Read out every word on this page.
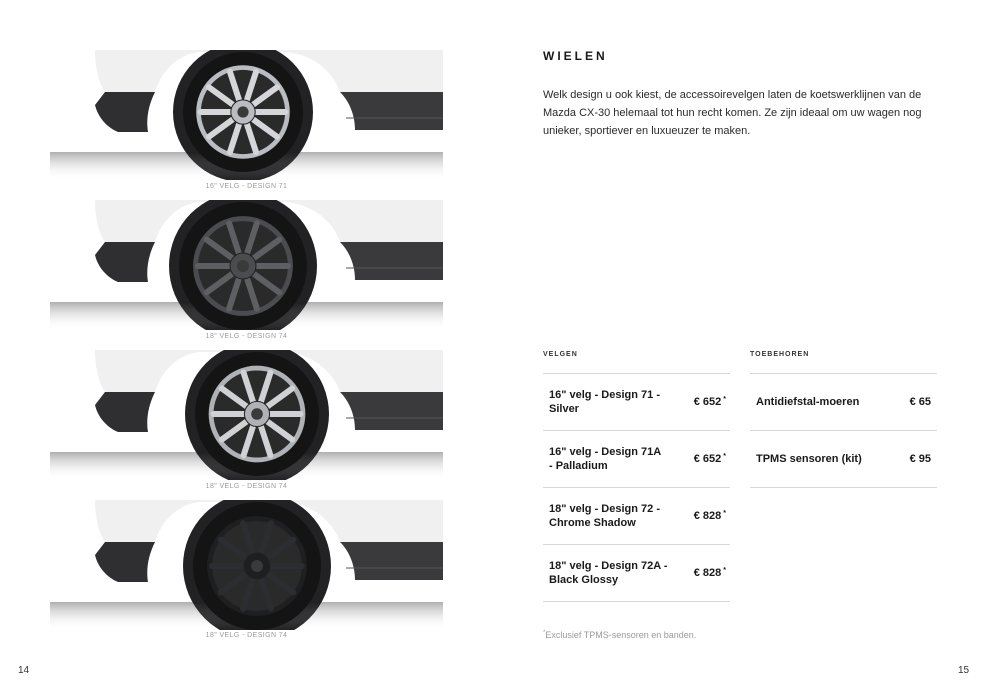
16" VELG - DESIGN 71
18" VELG - DESIGN 74
18" VELG - DESIGN 74
18" VELG - DESIGN 74
WIELEN
Welk design u ook kiest, de accessoirevelgen laten de koetswerklijnen van de Mazda CX-30 helemaal tot hun recht komen. Ze zijn ideaal om uw wagen nog unieker, sportiever en luxueuzer te maken.
VELGEN
16" velg - Design 71 -
Silver
€ 652 *
16" velg - Design 71A
- Palladium
€ 652 *
18" velg - Design 72 -
Chrome Shadow
€ 828 *
18" velg - Design 72A -
Black Glossy
€ 828 *
TOEBEHOREN
Antidiefstal-moeren	€ 65
TPMS sensoren (kit)	€ 95
*Exclusief TPMS-sensoren en banden.
14	15
